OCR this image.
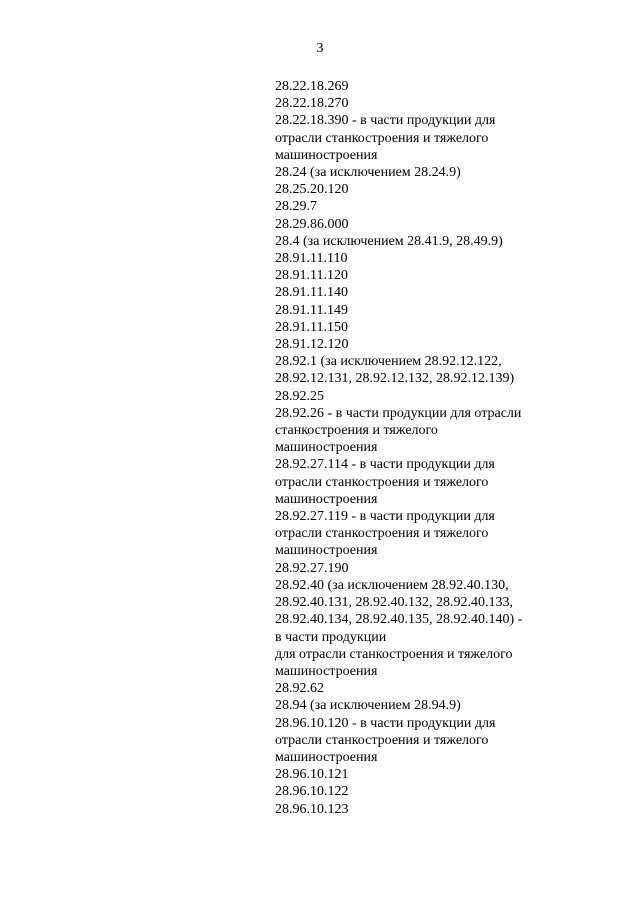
3
28.22.18.269
28.22.18.270
28.22.18.390 - в части продукции для
отрасли станкостроения и тяжелого
машиностроения
28.24 (за исключением 28.24.9)
28.25.20.120
28.29.7
28.29.86.000
28.4 (за исключением 28.41.9, 28.49.9)
28.91.11.110
28.91.11.120
28.91.11.140
28.91.11.149
28.91.11.150
28.91.12.120
28.92.1 (за исключением 28.92.12.122,
28.92.12.131, 28.92.12.132, 28.92.12.139)
28.92.25
28.92.26 - в части продукции для отрасли
станкостроения и тяжелого
машиностроения
28.92.27.114 - в части продукции для
отрасли станкостроения и тяжелого
машиностроения
28.92.27.119 - в части продукции для
отрасли станкостроения и тяжелого
машиностроения
28.92.27.190
28.92.40 (за исключением 28.92.40.130,
28.92.40.131, 28.92.40.132, 28.92.40.133,
28.92.40.134, 28.92.40.135, 28.92.40.140) -
в части продукции
для отрасли станкостроения и тяжелого
машиностроения
28.92.62
28.94 (за исключением 28.94.9)
28.96.10.120 - в части продукции для
отрасли станкостроения и тяжелого
машиностроения
28.96.10.121
28.96.10.122
28.96.10.123
